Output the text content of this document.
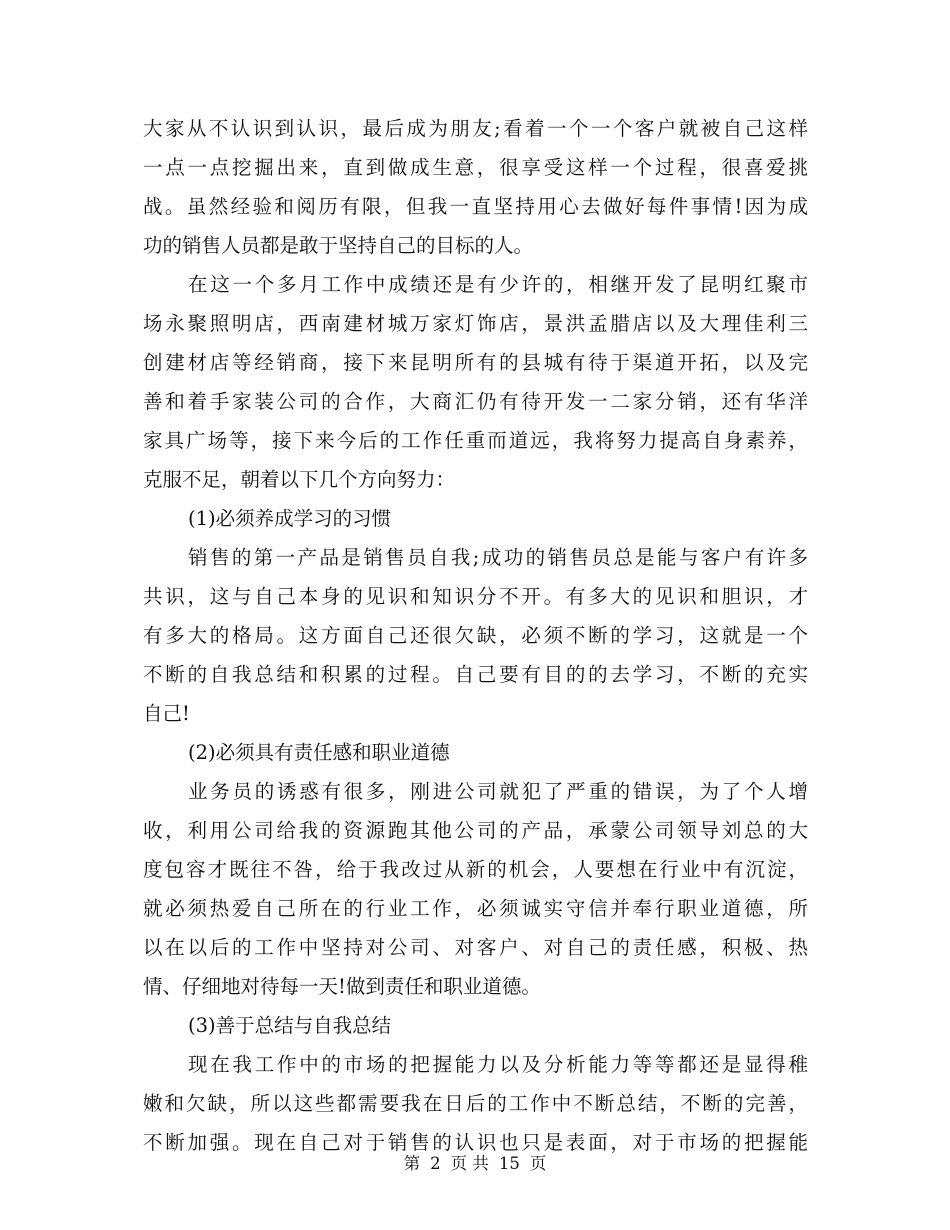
大家从不认识到认识，最后成为朋友;看着一个一个客户就被自己这样
一点一点挖掘出来，直到做成生意，很享受这样一个过程，很喜爱挑
战。虽然经验和阅历有限，但我一直坚持用心去做好每件事情!因为成
功的销售人员都是敢于坚持自己的目标的人。
在这一个多月工作中成绩还是有少许的，相继开发了昆明红聚市
场永聚照明店，西南建材城万家灯饰店，景洪孟腊店以及大理佳利三
创建材店等经销商，接下来昆明所有的县城有待于渠道开拓，以及完
善和着手家装公司的合作，大商汇仍有待开发一二家分销，还有华洋
家具广场等，接下来今后的工作任重而道远，我将努力提高自身素养，
克服不足，朝着以下几个方向努力：
(1)必须养成学习的习惯
销售的第一产品是销售员自我;成功的销售员总是能与客户有许多
共识，这与自己本身的见识和知识分不开。有多大的见识和胆识，才
有多大的格局。这方面自己还很欠缺，必须不断的学习，这就是一个
不断的自我总结和积累的过程。自己要有目的的去学习，不断的充实
自己!
(2)必须具有责任感和职业道德
业务员的诱惑有很多，刚进公司就犯了严重的错误，为了个人增
收，利用公司给我的资源跑其他公司的产品，承蒙公司领导刘总的大
度包容才既往不咎，给于我改过从新的机会，人要想在行业中有沉淀，
就必须热爱自己所在的行业工作，必须诚实守信并奉行职业道德，所
以在以后的工作中坚持对公司、对客户、对自己的责任感，积极、热
情、仔细地对待每一天!做到责任和职业道德。
(3)善于总结与自我总结
现在我工作中的市场的把握能力以及分析能力等等都还是显得稚
嫩和欠缺，所以这些都需要我在日后的工作中不断总结，不断的完善，
不断加强。现在自己对于销售的认识也只是表面，对于市场的把握能
第 2 页 共 15 页
